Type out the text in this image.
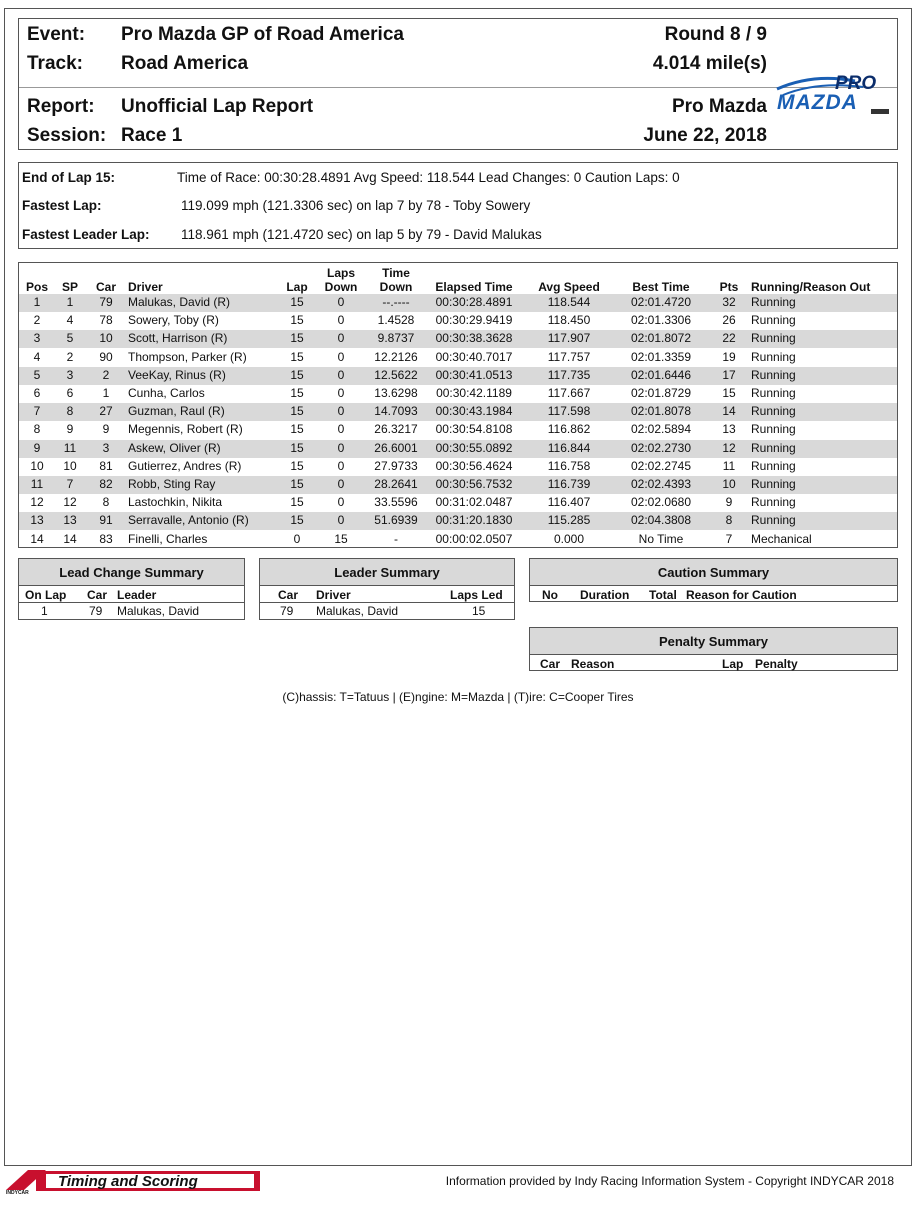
Event: Pro Mazda GP of Road America	Round 8 / 9
Track: Road America	4.014 mile(s)
Report: Unofficial Lap Report	Pro Mazda
Session: Race 1	June 22, 2018
PRO
MAZDA
End of Lap 15:	Time of Race: 00:30:28.4891 Avg Speed: 118.544 Lead Changes: 0 Caution Laps: 0
Fastest Lap:	119.099 mph (121.3306 sec) on lap 7 by 78 - Toby Sowery
Fastest Leader Lap: 118.961 mph (121.4720 sec) on lap 5 by 79 - David Malukas
Pos	SP	Car	Driver	Lap
Laps
Down
Time
Down	Elapsed Time	Avg Speed	Best Time	Pts	Running/Reason Out
1	1	79	Malukas, David (R)	15	0	--.----	00:30:28.4891	118.544	02:01.4720	32	Running
2	4	78	Sowery, Toby (R)	15	0	1.4528	00:30:29.9419	118.450	02:01.3306	26	Running
3	5	10	Scott, Harrison (R)	15	0	9.8737	00:30:38.3628	117.907	02:01.8072	22	Running
4	2	90	Thompson, Parker (R)	15	0	12.2126	00:30:40.7017	117.757	02:01.3359	19	Running
5	3	2	VeeKay, Rinus (R)	15	0	12.5622	00:30:41.0513	117.735	02:01.6446	17	Running
6	6	1	Cunha, Carlos	15	0	13.6298	00:30:42.1189	117.667	02:01.8729	15	Running
7	8	27	Guzman, Raul (R)	15	0	14.7093	00:30:43.1984	117.598	02:01.8078	14	Running
8	9	9	Megennis, Robert (R)	15	0	26.3217	00:30:54.8108	116.862	02:02.5894	13	Running
9	11	3	Askew, Oliver (R)	15	0	26.6001	00:30:55.0892	116.844	02:02.2730	12	Running
10	10	81	Gutierrez, Andres (R)	15	0	27.9733	00:30:56.4624	116.758	02:02.2745	11	Running
11	7	82	Robb, Sting Ray	15	0	28.2641	00:30:56.7532	116.739	02:02.4393	10	Running
12	12	8	Lastochkin, Nikita	15	0	33.5596	00:31:02.0487	116.407	02:02.0680	9	Running
13	13	91	Serravalle, Antonio (R)	15	0	51.6939	00:31:20.1830	115.285	02:04.3808	8	Running
14	14	83	Finelli, Charles	0	15	-	00:00:02.0507	0.000	No Time	7	Mechanical
Lead Change Summary
On Lap Car Leader
1	79 Malukas, David
Leader Summary
Car Driver	Laps Led
79 Malukas, David	15
Caution Summary
No Duration Total Reason for Caution
Penalty Summary
Car Reason	Lap Penalty
(C)hassis: T=Tatuus | (E)ngine: M=Mazda | (T)ire: C=Cooper Tires
Timing and Scoring
INDYCAR
Information provided by Indy Racing Information System - Copyright INDYCAR 2018
